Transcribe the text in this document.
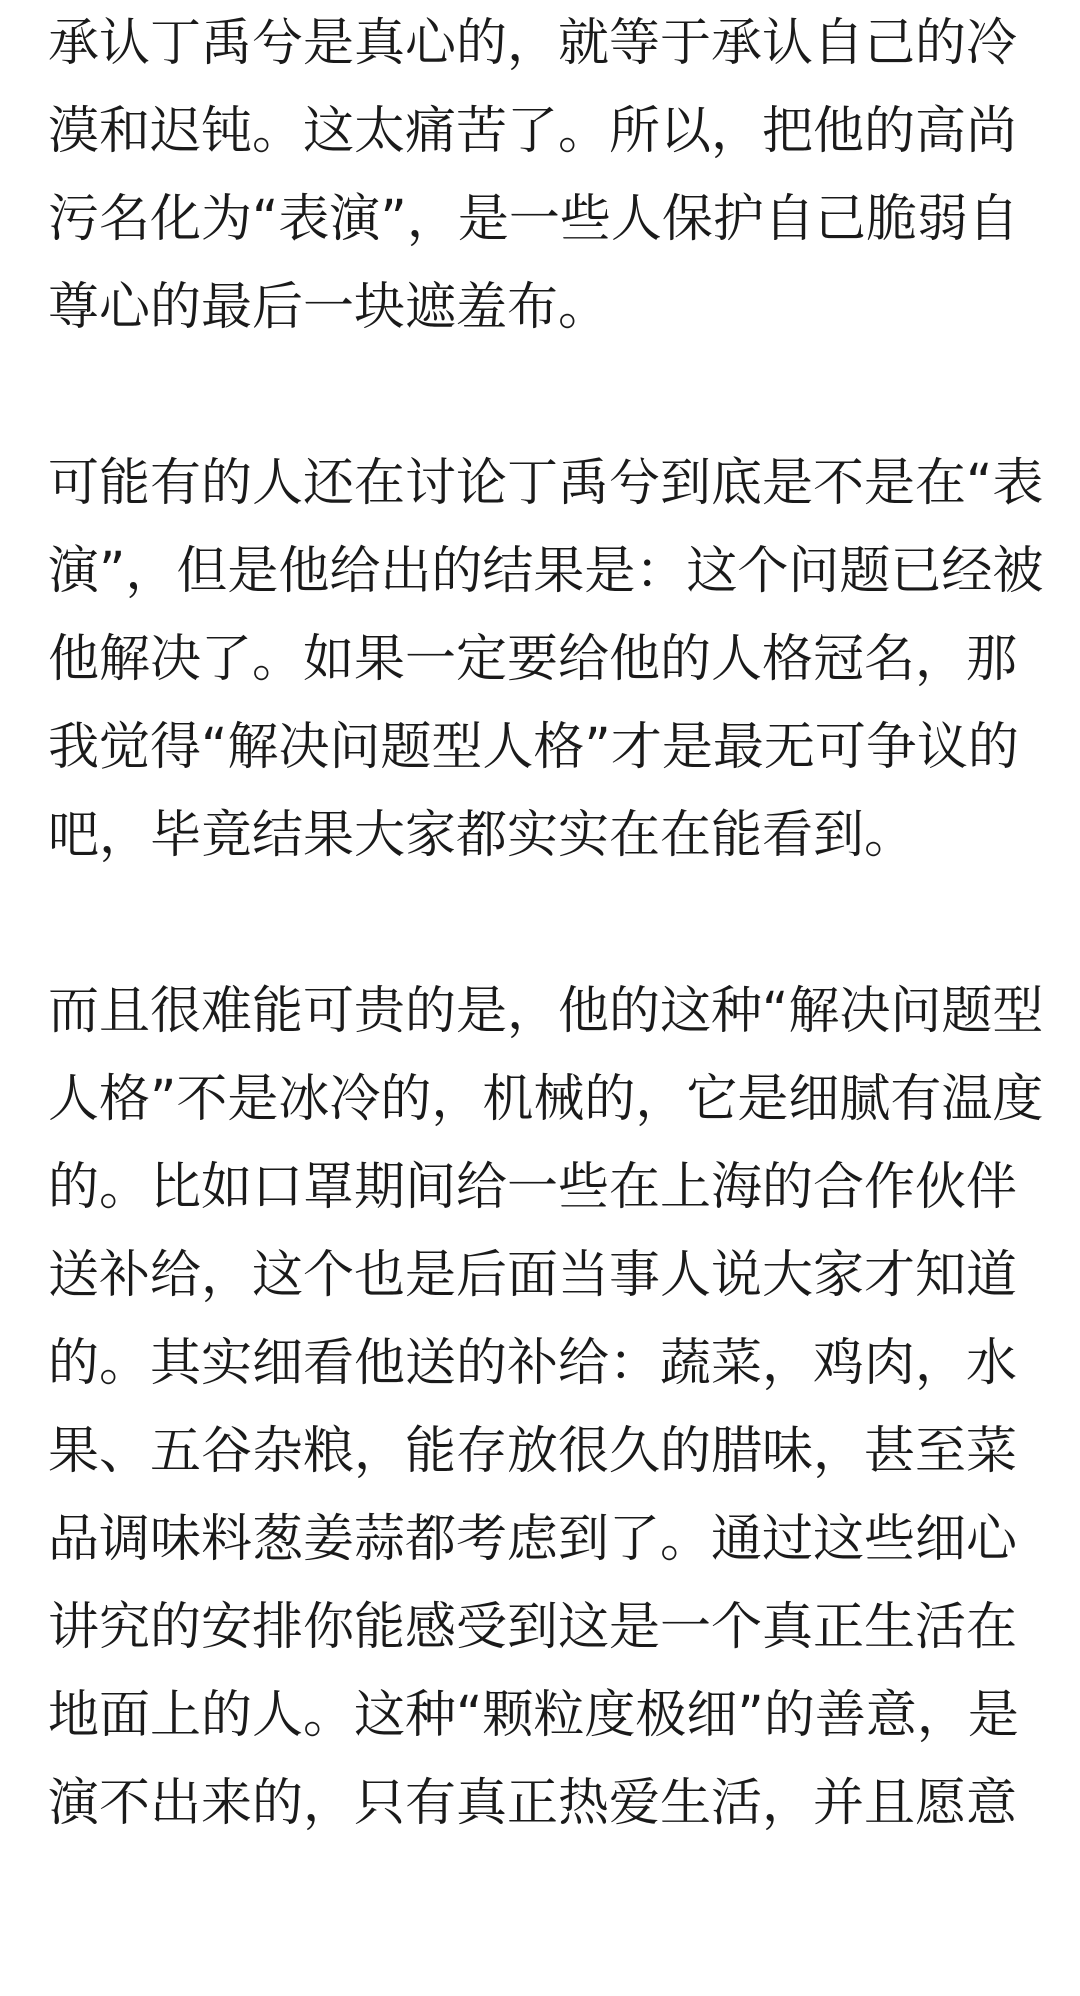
承认丁禹兮是真心的，就等于承认自己的冷
漠和迟钝。这太痛苦了。所以，把他的高尚
污名化为“表演”，是一些人保护自己脆弱自
尊心的最后一块遮羞布。
可能有的人还在讨论丁禹兮到底是不是在“表
演”，但是他给出的结果是：这个问题已经被
他解决了。如果一定要给他的人格冠名，那
我觉得“解决问题型人格”才是最无可争议的
吧，毕竟结果大家都实实在在能看到。
而且很难能可贵的是，他的这种“解决问题型
人格”不是冰冷的，机械的，它是细腻有温度
的。比如口罩期间给一些在上海的合作伙伴
送补给，这个也是后面当事人说大家才知道
的。其实细看他送的补给：蔬菜，鸡肉，水
果、五谷杂粮，能存放很久的腊味，甚至菜
品调味料葱姜蒜都考虑到了。通过这些细心
讲究的安排你能感受到这是一个真正生活在
地面上的人。这种“颗粒度极细”的善意，是
演不出来的，只有真正热爱生活，并且愿意
